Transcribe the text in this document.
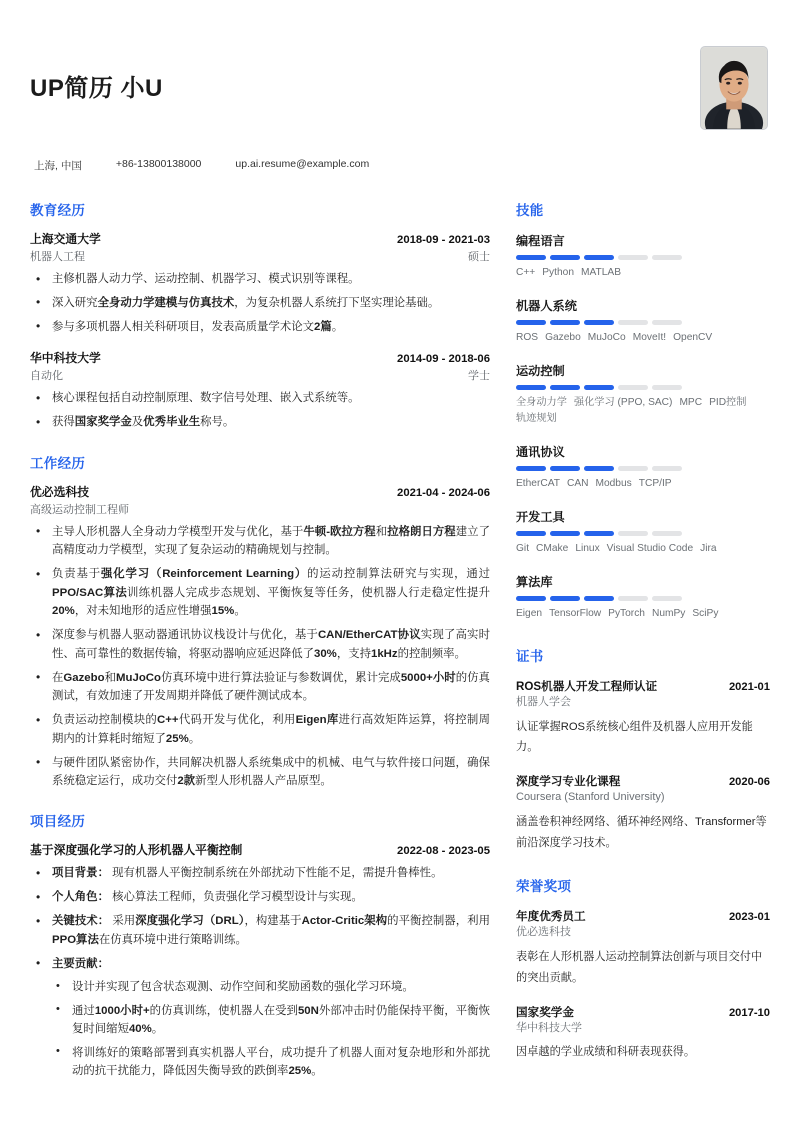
UP简历 小U
上海, 中国	+86-13800138000	up.ai.resume@example.com
教育经历
上海交通大学	2018-09 - 2021-03
机器人工程	硕士
• 主修机器人动力学、运动控制、机器学习、模式识别等课程。
• 深入研究全身动力学建模与仿真技术，为复杂机器人系统打下坚实理论基础。
• 参与多项机器人相关科研项目，发表高质量学术论文2篇。
华中科技大学	2014-09 - 2018-06
自动化	学士
• 核心课程包括自动控制原理、数字信号处理、嵌入式系统等。
• 获得国家奖学金及优秀毕业生称号。
工作经历
优必选科技	2021-04 - 2024-06
高级运动控制工程师
• 主导人形机器人全身动力学模型开发与优化，基于牛顿-欧拉方程和拉格朗日方程建立了高精度动力学模型，实现了复杂运动的精确规划与控制。
• 负责基于强化学习（Reinforcement Learning）的运动控制算法研究与实现，通过PPO/SAC算法训练机器人完成步态规划、平衡恢复等任务，使机器人行走稳定性提升20%，对未知地形的适应性增强15%。
• 深度参与机器人驱动器通讯协议栈设计与优化，基于CAN/EtherCAT协议实现了高实时性、高可靠性的数据传输，将驱动器响应延迟降低了30%，支持1kHz的控制频率。
• 在Gazebo和MuJoCo仿真环境中进行算法验证与参数调优，累计完成5000+小时的仿真测试，有效加速了开发周期并降低了硬件测试成本。
• 负责运动控制模块的C++代码开发与优化，利用Eigen库进行高效矩阵运算，将控制周期内的计算耗时缩短了25%。
• 与硬件团队紧密协作，共同解决机器人系统集成中的机械、电气与软件接口问题，确保系统稳定运行，成功交付2款新型人形机器人产品原型。
项目经历
基于深度强化学习的人形机器人平衡控制	2022-08 - 2023-05
• 项目背景： 现有机器人平衡控制系统在外部扰动下性能不足，需提升鲁棒性。
• 个人角色： 核心算法工程师，负责强化学习模型设计与实现。
• 关键技术： 采用深度强化学习（DRL），构建基于Actor-Critic架构的平衡控制器，利用PPO算法在仿真环境中进行策略训练。
• 主要贡献：
• 设计并实现了包含状态观测、动作空间和奖励函数的强化学习环境。
• 通过1000小时+的仿真训练，使机器人在受到50N外部冲击时仍能保持平衡，平衡恢复时间缩短40%。
• 将训练好的策略部署到真实机器人平台，成功提升了机器人面对复杂地形和外部扰动的抗干扰能力，降低因失衡导致的跌倒率25%。
技能
编程语言
C++ Python MATLAB
机器人系统
ROS Gazebo MuJoCo MoveIt! OpenCV
运动控制
全身动力学 强化学习 (PPO, SAC) MPC PID控制轨迹规划
通讯协议
EtherCAT CAN Modbus TCP/IP
开发工具
Git CMake Linux Visual Studio Code Jira
算法库
Eigen TensorFlow PyTorch NumPy SciPy
证书
ROS机器人开发工程师认证	2021-01
机器人学会
认证掌握ROS系统核心组件及机器人应用开发能力。
深度学习专业化课程	2020-06
Coursera (Stanford University)
涵盖卷积神经网络、循环神经网络、Transformer等前沿深度学习技术。
荣誉奖项
年度优秀员工	2023-01
优必选科技
表彰在人形机器人运动控制算法创新与项目交付中的突出贡献。
国家奖学金	2017-10
华中科技大学
因卓越的学业成绩和科研表现获得。
